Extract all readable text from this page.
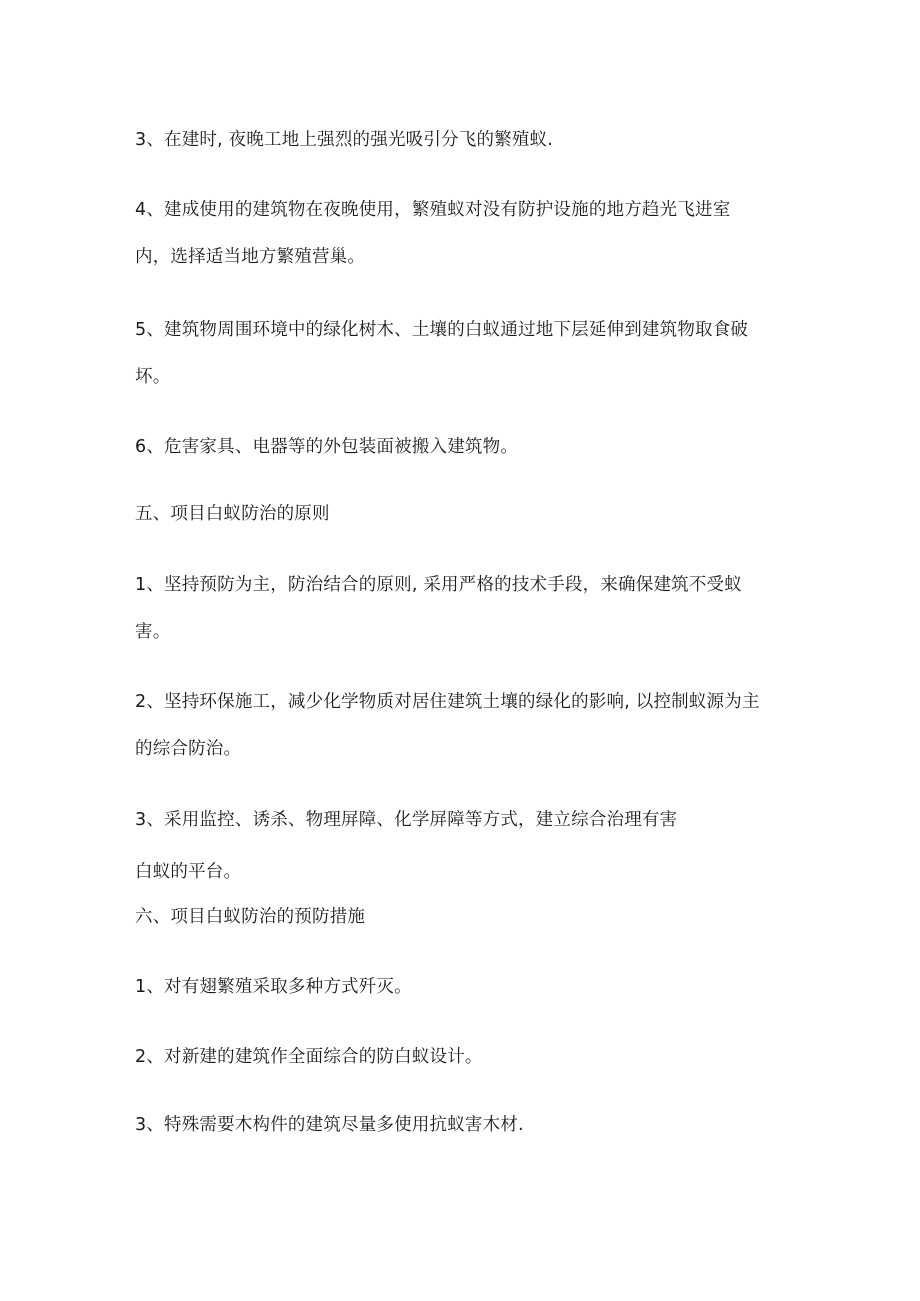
3、在建时, 夜晚工地上强烈的强光吸引分飞的繁殖蚁.
4、建成使用的建筑物在夜晚使用，繁殖蚁对没有防护设施的地方趋光飞进室
内，选择适当地方繁殖营巢。
5、建筑物周围环境中的绿化树木、土壤的白蚁通过地下层延伸到建筑物取食破
坏。
6、危害家具、电器等的外包装面被搬入建筑物。
五、项目白蚁防治的原则
1、坚持预防为主，防治结合的原则, 采用严格的技术手段，来确保建筑不受蚁
害。
2、坚持环保施工，减少化学物质对居住建筑土壤的绿化的影响, 以控制蚁源为主
的综合防治。
3、采用监控、诱杀、物理屏障、化学屏障等方式，建立综合治理有害
白蚁的平台。
六、项目白蚁防治的预防措施
1、对有翅繁殖采取多种方式歼灭。
2、对新建的建筑作全面综合的防白蚁设计。
3、特殊需要木构件的建筑尽量多使用抗蚁害木材.
